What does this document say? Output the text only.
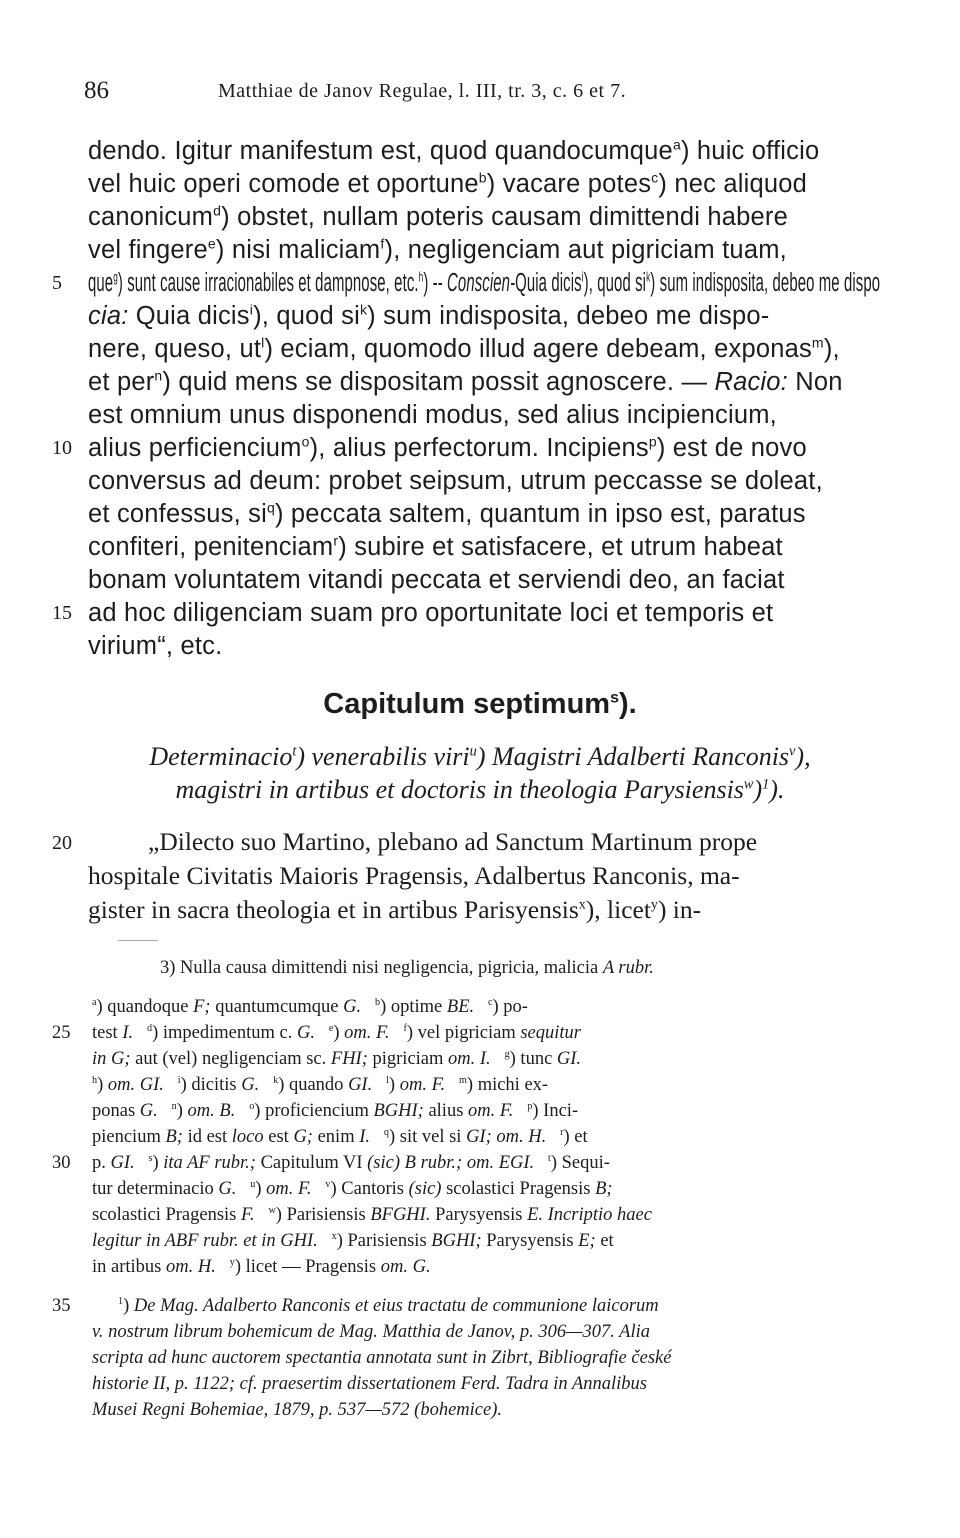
86	Matthiae de Janov Regulae, l. III, tr. 3, c. 6 et 7.
dendo. Igitur manifestum est, quod quandocumque$^a$) huic officio
vel huic operi comode et oportune$^b$) vacare potes$^c$) nec aliquod
canonicum$^d$) obstet, nullam poteris causam dimittendi habere
vel fingere$^e$) nisi maliciam$^f$), negligenciam aut pigriciam tuam,
5 que$^g$) sunt cause irracionabiles et dampnose, etc.$^h$) -- Conscien-Quia dicis$^i$), quod $si^k$) sum indisposita, debeo me dispo
cia: Quia dicis$^i$), quod $si^k$) sum indisposita, debeo me dispo-
nere, queso, $ut^l$) eciam, quomodo illud agere debeam, exponas$^m$),
et per$^n$) quid mens se dispositam possit agnoscere. — Racio: Non
est omnium unus disponendi modus, sed alius incipiencium,
10 alius perficiencium$^o$), alius perfectorum. Incipiens$^p$) est de novo
conversus ad deum: probet seipsum, utrum peccasse se doleat,
et confessus, $si^q$) peccata saltem, quantum in ipso est, paratus
confiteri, penitenciam$^r$) subire et satisfacere, et utrum habeat
bonam voluntatem vitandi peccata et serviendi deo, an faciat
15 ad hoc diligenciam suam pro oportunitate loci et temporis et
virium“, etc.
Capitulum septimum$^s$).
Determinacio$^t$) venerabilis viri$^u$) Magistri Adalberti Ranconis$^v$),
magistri in artibus et doctoris in theologia Parysiensis$^w$)$^1$).
20	„Dilecto suo Martino, plebano ad Sanctum Martinum prope
hospitale Civitatis Maioris Pragensis, Adalbertus Ranconis, ma-
gister in sacra theologia et in artibus Parisyensis$^x$), licet$^y$) in-
3) Nulla causa dimittendi nisi negligencia, pigricia, malicia A rubr.
$^a$) quandoque F; quantumcumque G. $^b$) optime BE. $^c$) po-
25 test I. $^d$) impedimentum c. G. $^e$) om. F. $^f$) vel pigriciam sequitur
in G; aut (vel) negligenciam sc. FHI; pigriciam om. I. $^g$) tunc GI.
$^h$) om. GI. $^i$) dicitis G. $^k$) quando GI. $^l$) om. F. $^m$) michi ex-
ponas G. $^n$) om. B. $^o$) proficiencium BGHI; alius om. F. $^p$) Inci-
piencium B; id est loco est G; enim I. $^q$) sit vel si GI; om. H. $^r$) et
30 p. GI. $^s$) ita AF rubr.; Capitulum VI (sic) B rubr.; om. EGI. $^t$) Sequi-
tur determinacio G. $^u$) om. F. $^v$) Cantoris (sic) scolastici Pragensis B;
scolastici Pragensis F. $^w$) Parisiensis BFGHI. Parysyensis E. Incriptio haec
legitur in ABF rubr. et in GHI. $^x$) Parisiensis BGHI; Parysyensis E; et
in artibus om. H. $^y$) licet — Pragensis om. G.
35	$^1$) De Mag. Adalberto Ranconis et eius tractatu de communione laicorum
v. nostrum librum bohemicum de Mag. Matthia de Janov, p. 306—307. Alia
scripta ad hunc auctorem spectantia annotata sunt in Zibrt, Bibliografie české
historie II, p. 1122; cf. praesertim dissertationem Ferd. Tadra in Annalibus
Musei Regni Bohemiae, 1879, p. 537—572 (bohemice).
